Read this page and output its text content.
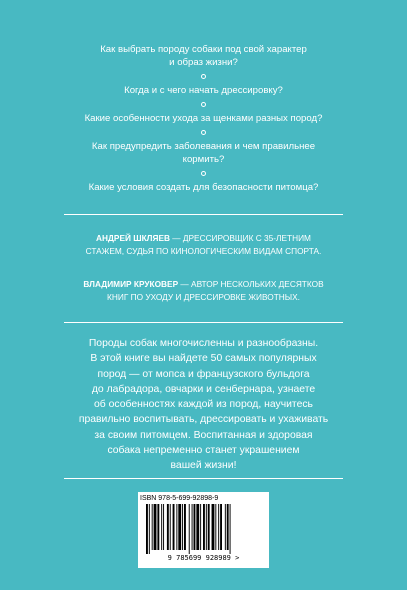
Как выбрать породу собаки под свой характер

и образ жизни?

Когда и с чего начать дрессировку?

Какие особенности ухода за щенками разных пород?

Как предупредить заболевания и чем правильнее

кормить?

Какие условия создать для безопасности питомца?

АНДРЕЙ ШКЛЯЕВ — ДРЕССИРОВЩИК С 35-ЛЕТНИМ

СТАЖЕМ, СУДЬЯ ПО КИНОЛОГИЧЕСКИМ ВИДАМ СПОРТА.

ВЛАДИМИР КРУКОВЕР — АВТОР НЕСКОЛЬКИХ ДЕСЯТКОВ

КНИГ ПО УХОДУ И ДРЕССИРОВКЕ ЖИВОТНЫХ.

Породы собак многочисленны и разнообразны.

В этой книге вы найдете 50 самых популярных

пород — от мопса и французского бульдога

до лабрадора, овчарки и сенбернара, узнаете

об особенностях каждой из пород, научитесь

правильно воспитывать, дрессировать и ухаживать

за своим питомцем. Воспитанная и здоровая

собака непременно станет украшением

вашей жизни!

ISBN 978-5-699-92898-9
9 785699 928989 >
